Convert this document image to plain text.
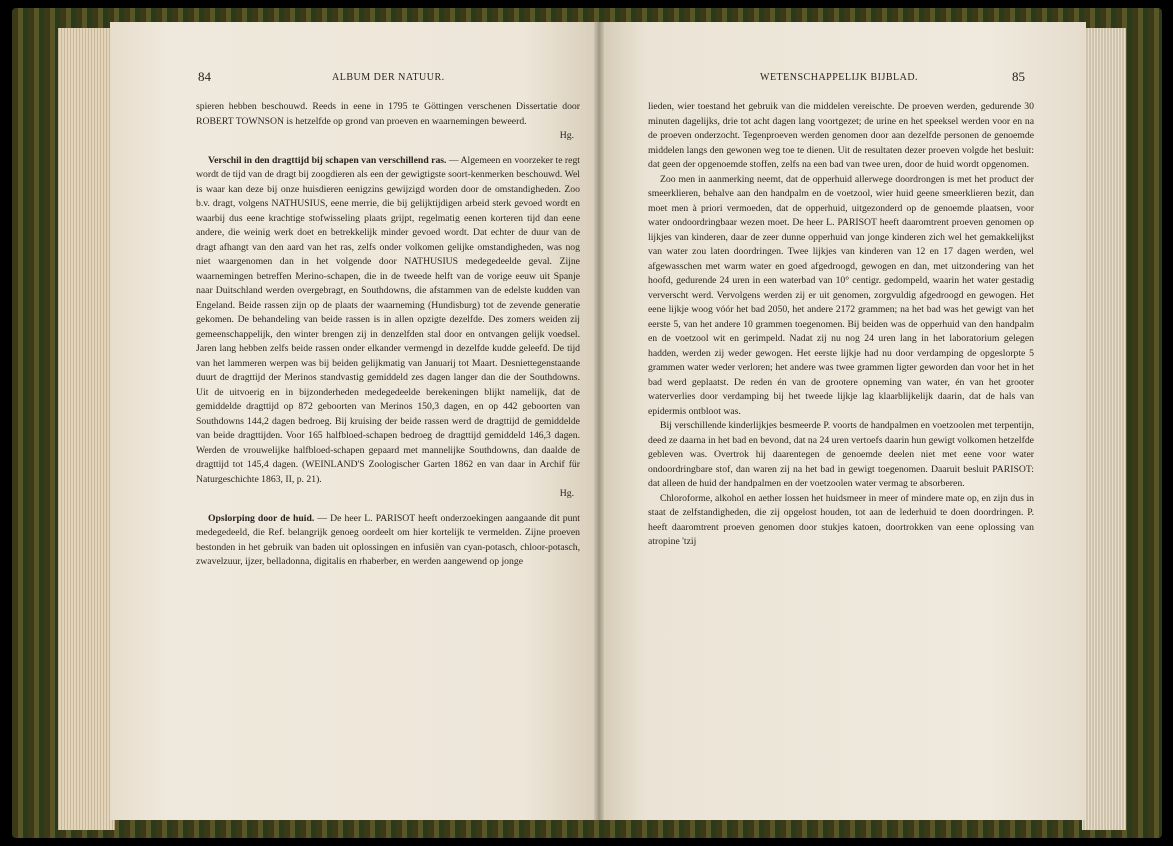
84	ALBUM DER NATUUR.

spieren hebben beschouwd. Reeds in eene in 1795 te Göttingen verschenen Dissertatie door ROBERT TOWNSON is hetzelfde op grond van proeven en waarnemingen beweerd.

Hg.

Verschil in den dragttijd bij schapen van verschillend ras. — Algemeen en voorzeker te regt wordt de tijd van de dragt bij zoogdieren als een der gewigtigste soort-kenmerken beschouwd. Wel is waar kan deze bij onze huisdieren eenigzins gewijzigd worden door de omstandigheden. Zoo b.v. dragt, volgens NATHUSIUS, eene merrie, die bij gelijktijdigen arbeid sterk gevoed wordt en waarbij dus eene krachtige stofwisseling plaats grijpt, regelmatig eenen korteren tijd dan eene andere, die weinig werk doet en betrekkelijk minder gevoed wordt. Dat echter de duur van de dragt afhangt van den aard van het ras, zelfs onder volkomen gelijke omstandigheden, was nog niet waargenomen dan in het volgende door NATHUSIUS medegedeelde geval. Zijne waarnemingen betreffen Merino-schapen, die in de tweede helft van de vorige eeuw uit Spanje naar Duitschland werden overgebragt, en Southdowns, die afstammen van de edelste kudden van Engeland. Beide rassen zijn op de plaats der waarneming (Hundisburg) tot de zevende generatie gekomen. De behandeling van beide rassen is in allen opzigte dezelfde. Des zomers weiden zij gemeenschappelijk, den winter brengen zij in denzelfden stal door en ontvangen gelijk voedsel. Jaren lang hebben zelfs beide rassen onder elkander vermengd in dezelfde kudde geleefd. De tijd van het lammeren werpen was bij beiden gelijkmatig van Januarij tot Maart. Desniettegenstaande duurt de dragttijd der Merinos standvastig gemiddeld zes dagen langer dan die der Southdowns. Uit de uitvoerig en in bijzonderheden medegedeelde berekeningen blijkt namelijk, dat de gemiddelde dragttijd op 872 geboorten van Merinos 150,3 dagen, en op 442 geboorten van Southdowns 144,2 dagen bedroeg. Bij kruising der beide rassen werd de dragttijd de gemiddelde van beide dragttijden. Voor 165 halfbloed-schapen bedroeg de dragttijd gemiddeld 146,3 dagen. Werden de vrouwelijke halfbloed-schapen gepaard met mannelijke Southdowns, dan daalde de dragttijd tot 145,4 dagen. (WEINLAND'S Zoologischer Garten 1862 en van daar in Archif für Naturgeschichte 1863, II, p. 21).

Hg.

Opslorping door de huid. — De heer L. PARISOT heeft onderzoekingen aangaande dit punt medegedeeld, die Ref. belangrijk genoeg oordeelt om hier kortelijk te vermelden. Zijne proeven bestonden in het gebruik van baden uit oplossingen en infusiën van cyan-potasch, chloor-potasch, zwavelzuur, ijzer, belladonna, digitalis en rhaberber, en werden aangewend op jonge

WETENSCHAPPELIJK BIJBLAD.	85

lieden, wier toestand het gebruik van die middelen vereischte. De proeven werden, gedurende 30 minuten dagelijks, drie tot acht dagen lang voortgezet; de urine en het speeksel werden voor en na de proeven onderzocht. Tegenproeven werden genomen door aan dezelfde personen de genoemde middelen langs den gewonen weg toe te dienen. Uit de resultaten dezer proeven volgde het besluit: dat geen der opgenoemde stoffen, zelfs na een bad van twee uren, door de huid wordt opgenomen.

Zoo men in aanmerking neemt, dat de opperhuid allerwege doordrongen is met het product der smeerklieren, behalve aan den handpalm en de voetzool, wier huid geene smeerklieren bezit, dan moet men à priori vermoeden, dat de opperhuid, uitgezonderd op de genoemde plaatsen, voor water ondoordringbaar wezen moet. De heer L. PARISOT heeft daaromtrent proeven genomen op lijkjes van kinderen, daar de zeer dunne opperhuid van jonge kinderen zich wel het gemakkelijkst van water zou laten doordringen. Twee lijkjes van kinderen van 12 en 17 dagen werden, wel afgewasschen met warm water en goed afgedroogd, gewogen en dan, met uitzondering van het hoofd, gedurende 24 uren in een waterbad van 10° centigr. gedompeld, waarin het water gestadig ververscht werd. Vervolgens werden zij er uit genomen, zorgvuldig afgedroogd en gewogen. Het eene lijkje woog vóór het bad 2050, het andere 2172 grammen; na het bad was het gewigt van het eerste 5, van het andere 10 grammen toegenomen. Bij beiden was de opperhuid van den handpalm en de voetzool wit en gerimpeld. Nadat zij nu nog 24 uren lang in het laboratorium gelegen hadden, werden zij weder gewogen. Het eerste lijkje had nu door verdamping de opgeslorpte 5 grammen water weder verloren; het andere was twee grammen ligter geworden dan voor het in het bad werd geplaatst. De reden én van de grootere opneming van water, én van het grooter waterverlies door verdamping bij het tweede lijkje lag klaarblijkelijk daarin, dat de hals van epidermis ontbloot was.

Bij verschillende kinderlijkjes besmeerde P. voorts de handpalmen en voetzoolen met terpentijn, deed ze daarna in het bad en bevond, dat na 24 uren vertoefs daarin hun gewigt volkomen hetzelfde gebleven was. Overtrok hij daarentegen de genoemde deelen niet met eene voor water ondoordringbare stof, dan waren zij na het bad in gewigt toegenomen. Daaruit besluit PARISOT: dat alleen de huid der handpalmen en der voetzoolen water vermag te absorberen.

Chloroforme, alkohol en aether lossen het huidsmeer in meer of mindere mate op, en zijn dus in staat de zelfstandigheden, die zij opgelost houden, tot aan de lederhuid te doen doordringen. P. heeft daaromtrent proeven genomen door stukjes katoen, doortrokken van eene oplossing van atropine 'tzij
